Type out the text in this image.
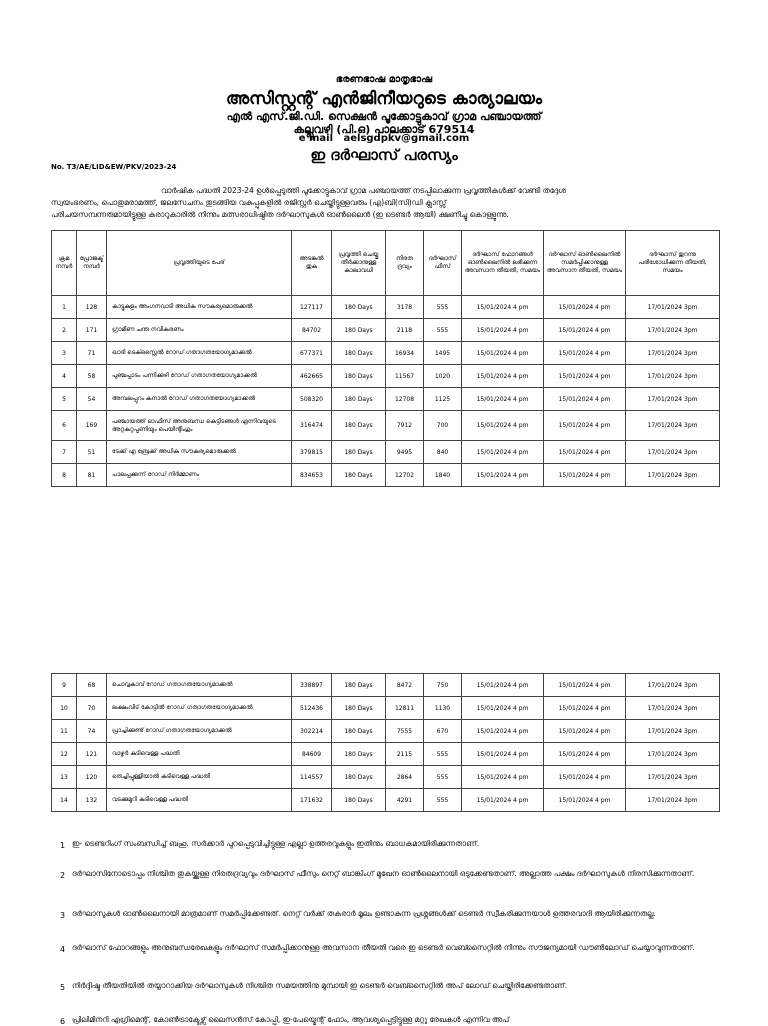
ഭരണഭാഷ മാതൃഭാഷ
അസിസ്റ്റന്റ് എൻജിനീയറുടെ കാര്യാലയം
എൽ എസ്.ജി.ഡി. സെക്ഷൻ പൂക്കോട്ടുകാവ് ഗ്രാമ പഞ്ചായത്ത്
കല്ലുവഴി (പി.ഒ) പാലക്കാട് 679514
e mail aelsgdpkv@gmail.com
ഇ ദർഘാസ് പരസ്യം
No. T3/AE/LID&EW/PKV/2023-24
വാർഷിക പദ്ധതി 2023-24 ഉൾപ്പെടുത്തി പൂക്കോട്ടുകാവ് ഗ്രാമ പഞ്ചായത്ത്‌ നടപ്പിലാക്കുന്ന പ്രവൃത്തികൾക്ക് വേണ്ടി തദ്ദേശ
സ്വയംഭരണം, പൊതുമരാമത്ത്, ജലസേചനം തുടങ്ങിയ വകുപ്പുകളിൽ രജിസ്റ്റർ ചെയ്തിട്ടുള്ളവരും (എ)ബി(സി)ഡി ക്ലാസ്സ്‌
പരിചയസമ്പന്നരുമായിട്ടുള്ള കരാറുകാരിൽ നിന്നും മത്സരാധിഷ്ഠിത ദർഘാസുകൾ ഓൺലൈൻ (ഇ ടെണ്ടർ ആയി) ക്ഷണിച്ചു കൊള്ളുന്നു.
ക്രമ നമ്പർ	പ്രോജക്ട് നമ്പർ	പ്രവൃത്തിയുടെ പേര്	അടങ്കൽ തുക	പ്രവൃത്തി ചെയ്തു തീർക്കാനുള്ള കാലാവധി	നിരത ദ്രവ്യം	ദർഘാസ് ഫീസ്	ദർഘാസ് ഫോറങ്ങൾ ഓൺലൈനിൽ ലഭിക്കുന്ന അവസാന തീയതി, സമയം	ദർഘാസ് ഓൺലൈനിൽ സമർപ്പിക്കാനുള്ള അവസാന തീയതി, സമയം	ദർഘാസ് തുറന്നു പരിശോധിക്കുന്ന തീയതി, സമയം
1	128	കാട്ടുകുളം അംഗനവാടി അധിക സൗകര്യമൊരുക്കൽ	127117	180 Days	3178	555	15/01/2024 4 pm	15/01/2024 4 pm	17/01/2024 3pm
2	171	ഗ്രാമീണ ചന്ത നവീകരണം	84702	180 Days	2118	555	15/01/2024 4 pm	15/01/2024 4 pm	17/01/2024 3pm
3	71	ഖാദി ടെക്സ്റ്റൈൽ റോഡ് ഗതാഗതയോഗ്യമാക്കൽ	677371	180 Days	16934	1495	15/01/2024 4 pm	15/01/2024 4 pm	17/01/2024 3pm
4	58	പുഞ്ചപ്പാടം പന്നിക്കുഴി റോഡ് ഗതാഗതയോഗ്യമാക്കൽ	462665	180 Days	11567	1020	15/01/2024 4 pm	15/01/2024 4 pm	17/01/2024 3pm
5	54	അമ്പലപ്പുറം കനാൽ റോഡ് ഗതാഗതയോഗ്യമാക്കൽ	508320	180 Days	12708	1125	15/01/2024 4 pm	15/01/2024 4 pm	17/01/2024 3pm
6	169	പഞ്ചായത്ത് ഓഫീസ് അനുബന്ധ കെട്ടിടങ്ങൾ എന്നിവയുടെ അറ്റകുറ്റപ്പണിയും പെയിന്റിംഗും	316474	180 Days	7912	700	15/01/2024 4 pm	15/01/2024 4 pm	17/01/2024 3pm
7	51	ടേക്ക് എ ബ്രേക്ക് അധിക സൗകര്യമൊരുക്കൽ	379815	180 Days	9495	840	15/01/2024 4 pm	15/01/2024 4 pm	17/01/2024 3pm
8	81	പാലപ്പക്കുന്ന് റോഡ് നിർമ്മാണം	834653	180 Days	12702	1840	15/01/2024 4 pm	15/01/2024 4 pm	17/01/2024 3pm
9	68	ചൊവ്വകാവ് റോഡ് ഗതാഗതയോഗ്യമാക്കൽ	338897	180 Days	8472	750	15/01/2024 4 pm	15/01/2024 4 pm	17/01/2024 3pm
10	70	ലക്ഷംവീട് കോട്ടിൽ റോഡ് ഗതാഗതയോഗ്യമാക്കൽ	512436	180 Days	12811	1130	15/01/2024 4 pm	15/01/2024 4 pm	17/01/2024 3pm
11	74	പ്രാച്ചിക്കുണ്ട് റോഡ് ഗതാഗതയോഗ്യമാക്കൽ	302214	180 Days	7555	670	15/01/2024 4 pm	15/01/2024 4 pm	17/01/2024 3pm
12	121	വാഴൂർ കുടിവെള്ള പദ്ധതി	84609	180 Days	2115	555	15/01/2024 4 pm	15/01/2024 4 pm	17/01/2024 3pm
13	120	തെച്ചിപ്പുള്ളിയാൽ കുടിവെള്ള പദ്ധതി	114557	180 Days	2864	555	15/01/2024 4 pm	15/01/2024 4 pm	17/01/2024 3pm
14	132	വടക്കുമുറി കുടിവെള്ള പദ്ധതി	171632	180 Days	4291	555	15/01/2024 4 pm	15/01/2024 4 pm	17/01/2024 3pm
1 ഇ- ടെണ്ടറിംഗ് സംബന്ധിച്ച് ബഹു. സർക്കാർ പുറപ്പെടുവിച്ചിട്ടുള്ള എല്ലാ ഉത്തരവുകളും ഇതിനും ബാധകമായിരിക്കുന്നതാണ്.
2 ദർഘാസിനോടൊപ്പം നിശ്ചിത തുകയ്ക്കുള്ള നിരതദ്രവ്യവും ദർഘാസ് ഫീസും നെറ്റ് ബാങ്കിംഗ് മുഖേന ഓൺലൈനായി ഒടുക്കേണ്ടതാണ്. അല്ലാത്ത പക്ഷം ദർഘാസുകൾ നിരസിക്കുന്നതാണ്.
3 ദർഘാസുകൾ ഓൺലൈനായി മാത്രമാണ് സമർപ്പിക്കേണ്ടത്. നെറ്റ് വർക്ക് തകരാർ മൂലം ഉണ്ടാകുന്ന പ്രശ്നങ്ങൾക്ക് ടെണ്ടർ സ്വീകരിക്കുന്നയാൾ ഉത്തരവാദി ആയിരിക്കുന്നതല്ല.
4 ദർഘാസ് ഫോറങ്ങളും അനുബന്ധരേഖകളും ദർഘാസ് സമർപ്പിക്കാനുള്ള അവസാന തീയതി വരെ ഇ ടെണ്ടർ വെബ്സൈറ്റിൽ നിന്നും സൗജന്യമായി ഡൗൺലോഡ് ചെയ്യാവുന്നതാണ്.
5 നിർദ്ദിഷ്ട തീയതിയിൽ തയ്യാറാക്കിയ ദർഘാസുകൾ നിശ്ചിത സമയത്തിനു മുമ്പായി ഇ ടെണ്ടർ വെബ്സൈറ്റിൽ അപ് ലോഡ് ചെയ്തിരിക്കേണ്ടതാണ്.
6 പ്രിലിമിനറി എഗ്രിമെന്റ്, കോൺട്രാക്ടേഴ്സ് ലൈസൻസ് കോപ്പി, ഇ-പേയ്മെന്റ് ഫോം, ആവശ്യപ്പെട്ടിട്ടുള്ള മറ്റു രേഖകൾ എന്നിവ അപ്
